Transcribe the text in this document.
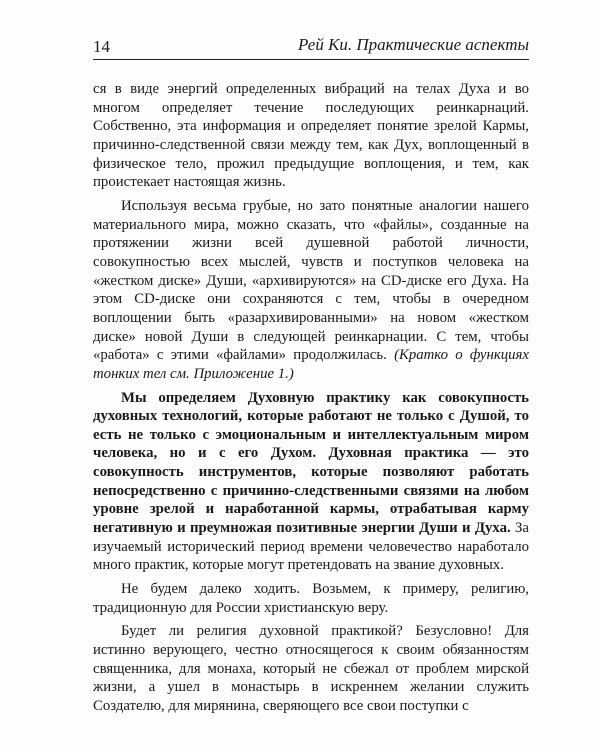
14	Рей Ки. Практические аспекты

ся в виде энергий определенных вибраций на телах Духа и во многом определяет течение последующих реинкарнаций. Собственно, эта информация и определяет понятие зрелой Кармы, причинно-следственной связи между тем, как Дух, воплощенный в физическое тело, прожил предыдущие воплощения, и тем, как проистекает настоящая жизнь.

Используя весьма грубые, но зато понятные аналогии нашего материального мира, можно сказать, что «файлы», созданные на протяжении жизни всей душевной работой личности, совокупностью всех мыслей, чувств и поступков человека на «жестком диске» Души, «архивируются» на CD-диске его Духа. На этом CD-диске они сохраняются с тем, чтобы в очередном воплощении быть «разархивированными» на новом «жестком диске» новой Души в следующей реинкарнации. С тем, чтобы «работа» с этими «файлами» продолжилась. (Кратко о функциях тонких тел см. Приложение 1.)

Мы определяем Духовную практику как совокупность духовных технологий, которые работают не только с Душой, то есть не только с эмоциональным и интеллектуальным миром человека, но и с его Духом. Духовная практика — это совокупность инструментов, которые позволяют работать непосредственно с причинно-следственными связями на любом уровне зрелой и наработанной кармы, отрабатывая карму негативную и преумножая позитивные энергии Души и Духа. За изучаемый исторический период времени человечество наработало много практик, которые могут претендовать на звание духовных.

Не будем далеко ходить. Возьмем, к примеру, религию, традиционную для России христианскую веру.

Будет ли религия духовной практикой? Безусловно! Для истинно верующего, честно относящегося к своим обязанностям священника, для монаха, который не сбежал от проблем мирской жизни, а ушел в монастырь в искреннем желании служить Создателю, для мирянина, сверяющего все свои поступки с
